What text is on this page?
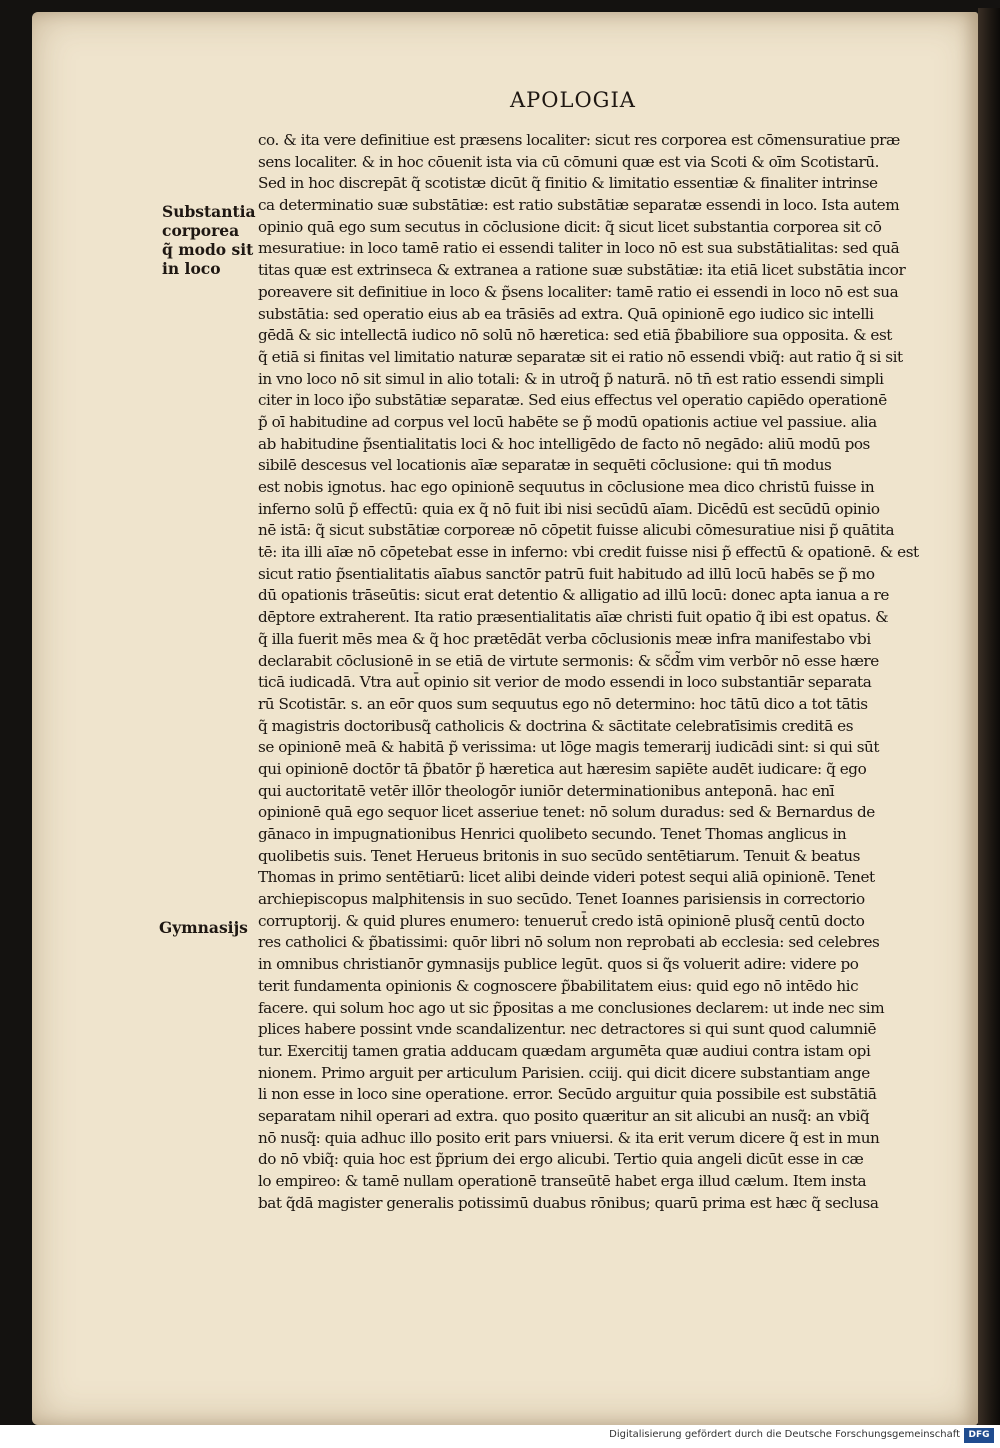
APOLOGIA
Substantia corporea q̃ modo sit in loco
Gymnasijs
co. & ita vere definitiue est præsens localiter: sicut res corporea est cōmensuratiue præ
sens localiter. & in hoc cōuenit ista via cū cōmuni quæ est via Scoti & oīm Scotistarū.
Sed in hoc discrepāt q̃ scotistæ dicūt q̃ finitio & limitatio essentiæ & finaliter intrinse
ca determinatio suæ substātiæ: est ratio substātiæ separatæ essendi in loco. Ista autem
opinio quā ego sum secutus in cōclusione dicit: q̃ sicut licet substantia corporea sit cō
mesuratiue: in loco tamē ratio ei essendi taliter in loco nō est sua substātialitas: sed quā
titas quæ est extrinseca & extranea a ratione suæ substātiæ: ita etiā licet substātia incor
poreavere sit definitiue in loco & p̃sens localiter: tamē ratio ei essendi in loco nō est sua
substātia: sed operatio eius ab ea trāsiēs ad extra. Quā opinionē ego iudico sic intelli
gēdā & sic intellectā iudico nō solū nō hæretica: sed etiā p̃babiliore sua opposita. & est
q̃ etiā si finitas vel limitatio naturæ separatæ sit ei ratio nō essendi vbiq̃: aut ratio q̃ si sit
in vno loco nō sit simul in alio totali: & in utroq̃ p̃ naturā. nō tn̄ est ratio essendi simpli
citer in loco ip̃o substātiæ separatæ. Sed eius effectus vel operatio capiēdo operationē
p̃ oī habitudine ad corpus vel locū habēte se p̃ modū opationis actiue vel passiue. alia
ab habitudine p̃sentialitatis loci & hoc intelligēdo de facto nō negādo: aliū modū pos
sibilē descesus vel locationis aīæ separatæ in sequēti cōclusione: qui tn̄ modus
est nobis ignotus. hac ego opinionē sequutus in cōclusione mea dico christū fuisse in
inferno solū p̃ effectū: quia ex q̃ nō fuit ibi nisi secūdū aīam. Dicēdū est secūdū opinio
nē istā: q̃ sicut substātiæ corporeæ nō cōpetit fuisse alicubi cōmesuratiue nisi p̃ quātita
tē: ita illi aīæ nō cōpetebat esse in inferno: vbi credit fuisse nisi p̃ effectū & opationē. & est
sicut ratio p̃sentialitatis aīabus sanctōr patrū fuit habitudo ad illū locū habēs se p̃ mo
dū opationis trāseūtis: sicut erat detentio & alligatio ad illū locū: donec apta ianua a re
dēptore extraherent. Ita ratio præsentialitatis aīæ christi fuit opatio q̃ ibi est opatus. &
q̃ illa fuerit mēs mea & q̃ hoc prætēdāt verba cōclusionis meæ infra manifestabo vbi
declarabit cōclusionē in se etiā de virtute sermonis: & sc̃d̃m vim verbōr nō esse hære
ticā iudicadā. Vtra aut̄ opinio sit verior de modo essendi in loco substantiār separata
rū Scotistār. s. an eōr quos sum sequutus ego nō determino: hoc tātū dico a tot tātis
q̃ magistris doctoribusq̃ catholicis & doctrina & sāctitate celebratīsimis creditā es
se opinionē meā & habitā p̃ verissima: ut lōge magis temerarij iudicādi sint: si qui sūt
qui opinionē doctōr tā p̃batōr p̃ hæretica aut hæresim sapiēte audēt iudicare: q̃ ego
qui auctoritatē vetēr illōr theologōr iuniōr determinationibus anteponā. hac enī
opinionē quā ego sequor licet asseriue tenet: nō solum duradus: sed & Bernardus de
gānaco in impugnationibus Henrici quolibeto secundo. Tenet Thomas anglicus in
quolibetis suis. Tenet Herueus britonis in suo secūdo sentētiarum. Tenuit & beatus
Thomas in primo sentētiarū: licet alibi deinde videri potest sequi aliā opinionē. Tenet
archiepiscopus malphitensis in suo secūdo. Tenet Ioannes parisiensis in correctorio
corruptorij. & quid plures enumero: tenuerut̄ credo istā opinionē plusq̃ centū docto
res catholici & p̃batissimi: quōr libri nō solum non reprobati ab ecclesia: sed celebres
in omnibus christianōr gymnasijs publice legūt. quos si q̃s voluerit adire: videre po
terit fundamenta opinionis & cognoscere p̃babilitatem eius: quid ego nō intēdo hic
facere. qui solum hoc ago ut sic p̃positas a me conclusiones declarem: ut inde nec sim
plices habere possint vnde scandalizentur. nec detractores si qui sunt quod calumniē
tur. Exercitij tamen gratia adducam quædam argumēta quæ audiui contra istam opi
nionem. Primo arguit per articulum Parisien. cciij. qui dicit dicere substantiam ange
li non esse in loco sine operatione. error. Secūdo arguitur quia possibile est substātiā
separatam nihil operari ad extra. quo posito quæritur an sit alicubi an nusq̃: an vbiq̃
nō nusq̃: quia adhuc illo posito erit pars vniuersi. & ita erit verum dicere q̃ est in mun
do nō vbiq̃: quia hoc est p̃prium dei ergo alicubi. Tertio quia angeli dicūt esse in cæ
lo empireo: & tamē nullam operationē transeūtē habet erga illud cælum. Item insta
bat q̃dā magister generalis potissimū duabus rōnibus; quarū prima est hæc q̃ seclusa
Digitalisierung gefördert durch die Deutsche Forschungsgemeinschaft DFG
